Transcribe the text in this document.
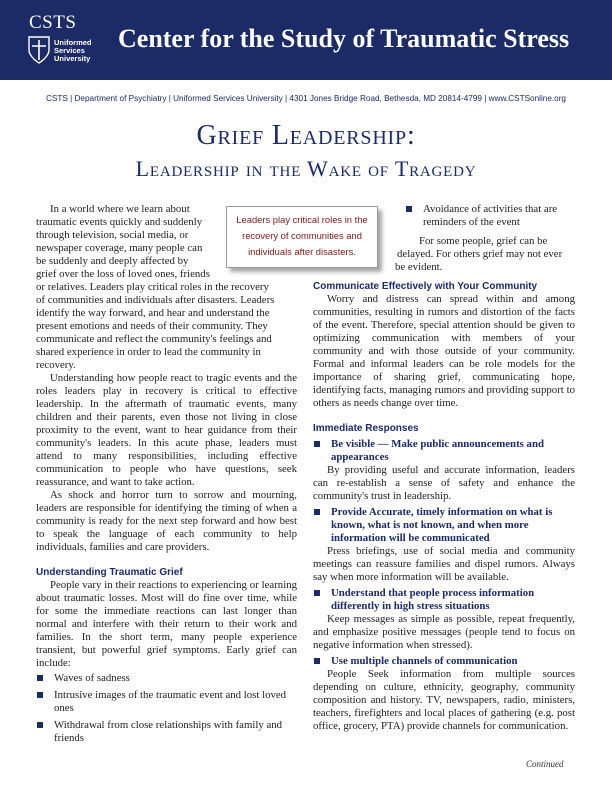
CSTS
Uniformed
Services
University
Center for the Study of Traumatic Stress
CSTS | Department of Psychiatry | Uniformed Services University | 4301 Jones Bridge Road, Bethesda, MD 20814-4799 | www.CSTSonline.org
Grief Leadership:
Leadership in the Wake of Tragedy
In a world where we learn about
traumatic events quickly and suddenly
through television, social media, or
newspaper coverage, many people can
be suddenly and deeply affected by
grief over the loss of loved ones, friends
or relatives. Leaders play critical roles in the recovery
of communities and individuals after disasters. Leaders
identify the way forward, and hear and understand the
present emotions and needs of their community. They
communicate and reflect the community's feelings and
shared experience in order to lead the community in
recovery.

Understanding how people react to tragic events and the roles leaders play in recovery is critical to effective leadership. In the aftermath of traumatic events, many children and their parents, even those not living in close proximity to the event, want to hear guidance from their community's leaders. In this acute phase, leaders must attend to many responsibilities, including effective communication to people who have questions, seek reassurance, and want to take action.

As shock and horror turn to sorrow and mourning, leaders are responsible for identifying the timing of when a community is ready for the next step forward and how best to speak the language of each community to help individuals, families and care providers.

Understanding Traumatic Grief

People vary in their reactions to experiencing or learning about traumatic losses. Most will do fine over time, while for some the immediate reactions can last longer than normal and interfere with their return to their work and families. In the short term, many people experience transient, but powerful grief symptoms. Early grief can include:

Waves of sadness
Intrusive images of the traumatic event and lost loved ones
Withdrawal from close relationships with family and friends
Leaders play critical roles in the
recovery of communities and
individuals after disasters.
Avoidance of activities that are reminders of the event
For some people, grief can be
delayed. For others grief may not ever
be evident.

Communicate Effectively with Your Community

Worry and distress can spread within and among communities, resulting in rumors and distortion of the facts of the event. Therefore, special attention should be given to optimizing communication with members of your community and with those outside of your community. Formal and informal leaders can be role models for the importance of sharing grief, communicating hope, identifying facts, managing rumors and providing support to others as needs change over time.

Immediate Responses

Be visible — Make public announcements and appearances

By providing useful and accurate information, leaders can re-establish a sense of safety and enhance the community's trust in leadership.

Provide Accurate, timely information on what is known, what is not known, and when more information will be communicated

Press briefings, use of social media and community meetings can reassure families and dispel rumors. Always say when more information will be available.

Understand that people process information differently in high stress situations

Keep messages as simple as possible, repeat frequently, and emphasize positive messages (people tend to focus on negative information when stressed).

Use multiple channels of communication

People Seek information from multiple sources depending on culture, ethnicity, geography, community composition and history. TV, newspapers, radio, ministers, teachers, firefighters and local places of gathering (e.g. post office, grocery, PTA) provide channels for communication.

Continued
